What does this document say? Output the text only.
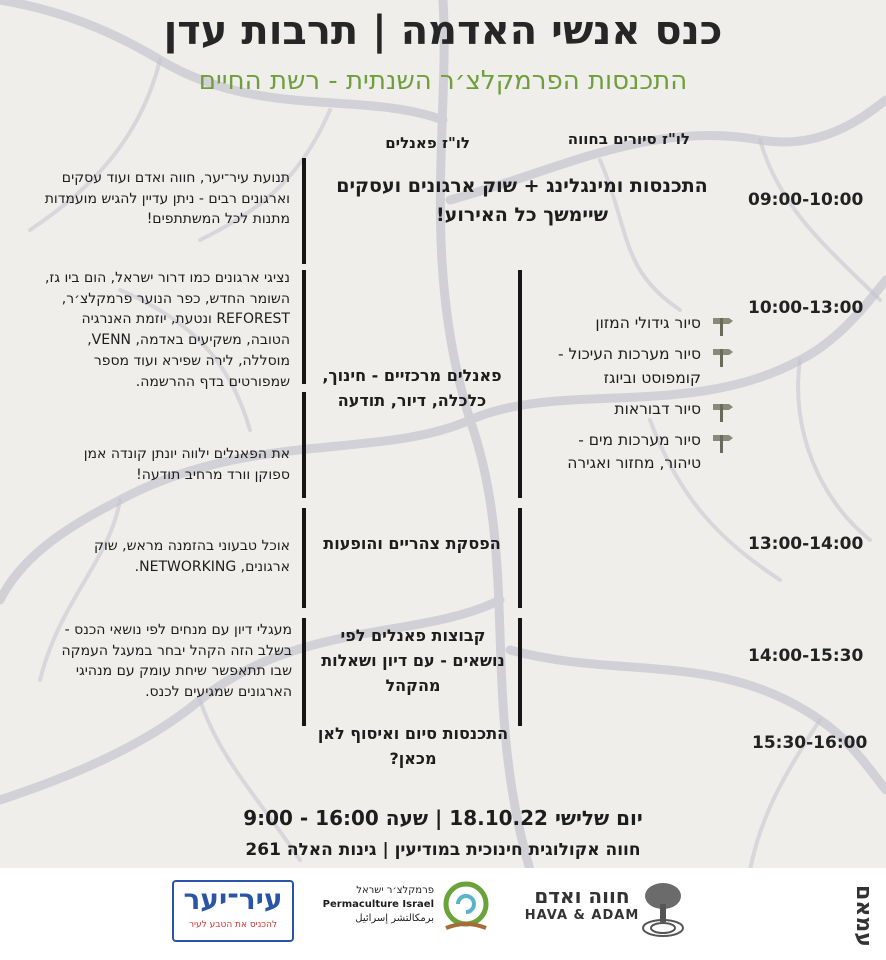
כנס אנשי האדמה | תרבות עדן
התכנסות הפרמקלצ׳ר השנתית - רשת החיים
לו"ז סיורים בחווה
לו"ז פאנלים
09:00-10:00
10:00-13:00
13:00-14:00
14:00-15:30
15:30-16:00
התכנסות ומינגלינג + שוק ארגונים ועסקים שיימשך כל האירוע!
פאנלים מרכזיים - חינוך, כלכלה, דיור, תודעה
הפסקת צהריים והופעות
קבוצות פאנלים לפי נושאים - עם דיון ושאלות מהקהל
התכנסות סיום ואיסוף לאן מכאן?
סיור גידולי המזון
סיור מערכות העיכול - קומפוסט וביוגז
סיור דבוראות
סיור מערכות מים - טיהור, מחזור ואגירה
תנועת עיר־יער, חווה ואדם ועוד עסקים וארגונים רבים - ניתן עדיין להגיש מועמדות מתנות לכל המשתתפים!
נציגי ארגונים כמו דרור ישראל, הום ביו גז, השומר החדש, כפר הנוער פרמקלצ׳ר, REFOREST ונטעת, יוזמת האנרגיה הטובה, משקיעים באדמה, VENN, מוסללה, לירה שפירא ועוד מספר שמפורטים בדף ההרשמה.
את הפאנלים ילווה יונתן קונדה אמן ספוקן וורד מרחיב תודעה!
אוכל טבעוני בהזמנה מראש, שוק ארגונים, NETWORKING.
מעגלי דיון עם מנחים לפי נושאי הכנס - בשלב הזה הקהל יבחר במעגל העמקה שבו תתאפשר שיחת עומק עם מנהיגי הארגונים שמגיעים לכנס.
יום שלישי 18.10.22 | שעה 9:00 - 16:00
חווה אקולוגית חינוכית במודיעין | גינות האלה 261
עיר־יער
להכניס את הטבע לעיר
פרמקלצ׳ר ישראל
Permaculture Israel
برمكالتشر إسرائيل
חווה ואדם
HAVA & ADAM	עמאם
